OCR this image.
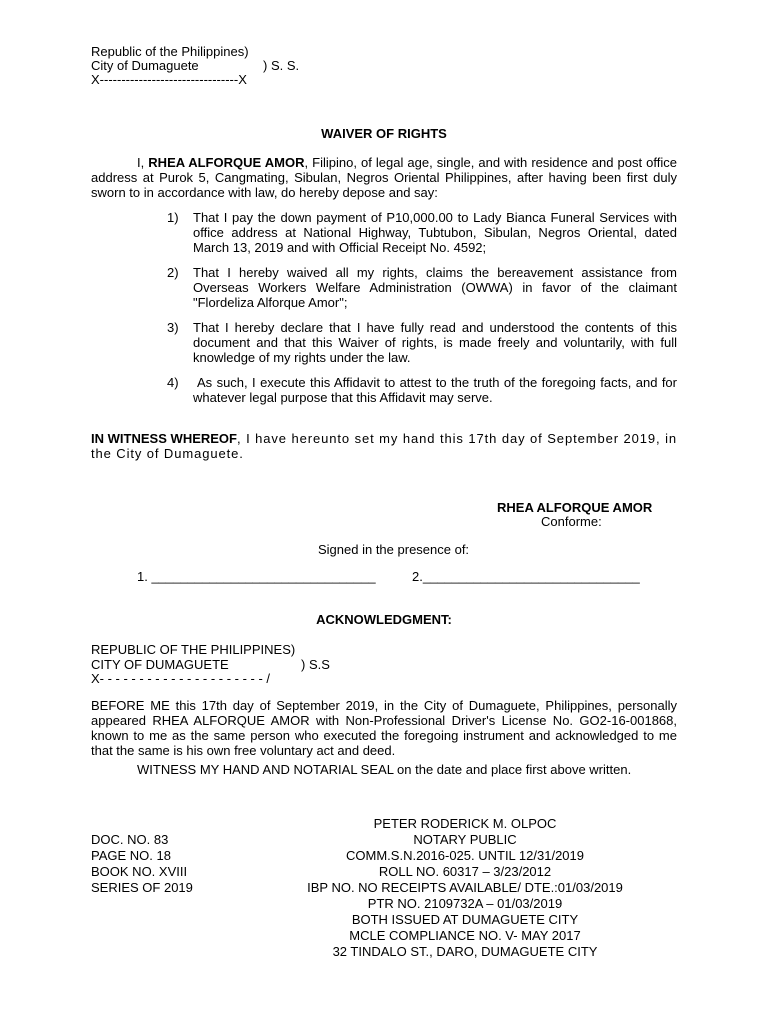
Republic of the Philippines)
City of Dumaguete	) S. S.
X--------------------------------X
WAIVER OF RIGHTS
I, RHEA ALFORQUE AMOR, Filipino, of legal age, single, and with residence and post office address at Purok 5, Cangmating, Sibulan, Negros Oriental Philippines, after having been first duly sworn to in accordance with law, do hereby depose and say:
1) That I pay the down payment of P10,000.00 to Lady Bianca Funeral Services with office address at National Highway, Tubtubon, Sibulan, Negros Oriental, dated March 13, 2019 and with Official Receipt No. 4592;
2) That I hereby waived all my rights, claims the bereavement assistance from Overseas Workers Welfare Administration (OWWA) in favor of the claimant "Flordeliza Alforque Amor";
3) That I hereby declare that I have fully read and understood the contents of this document and that this Waiver of rights, is made freely and voluntarily, with full knowledge of my rights under the law.
4)	As such, I execute this Affidavit to attest to the truth of the foregoing facts, and for whatever legal purpose that this Affidavit may serve.
IN WITNESS WHEREOF, I have hereunto set my hand this 17th day of September 2019, in the City of Dumaguete.
RHEA ALFORQUE AMOR
Conforme:
Signed in the presence of:
1. _______________________________	2.______________________________
ACKNOWLEDGMENT:
REPUBLIC OF THE PHILIPPINES)
CITY OF DUMAGUETE	) S.S
X- - - - - - - - - - - - - - - - - - - - - /
BEFORE ME this 17th day of September 2019, in the City of Dumaguete, Philippines, personally appeared RHEA ALFORQUE AMOR with Non-Professional Driver's License No. GO2-16-001868, known to me as the same person who executed the foregoing instrument and acknowledged to me that the same is his own free voluntary act and deed.
WITNESS MY HAND AND NOTARIAL SEAL on the date and place first above written.
PETER RODERICK M. OLPOC
NOTARY PUBLIC
COMM.S.N.2016-025. UNTIL 12/31/2019
ROLL NO. 60317 – 3/23/2012
IBP NO. NO RECEIPTS AVAILABLE/ DTE.:01/03/2019
PTR NO. 2109732A – 01/03/2019
BOTH ISSUED AT DUMAGUETE CITY
MCLE COMPLIANCE NO. V- MAY 2017
32 TINDALO ST., DARO, DUMAGUETE CITY
DOC. NO. 83
PAGE NO. 18
BOOK NO. XVIII
SERIES OF 2019
